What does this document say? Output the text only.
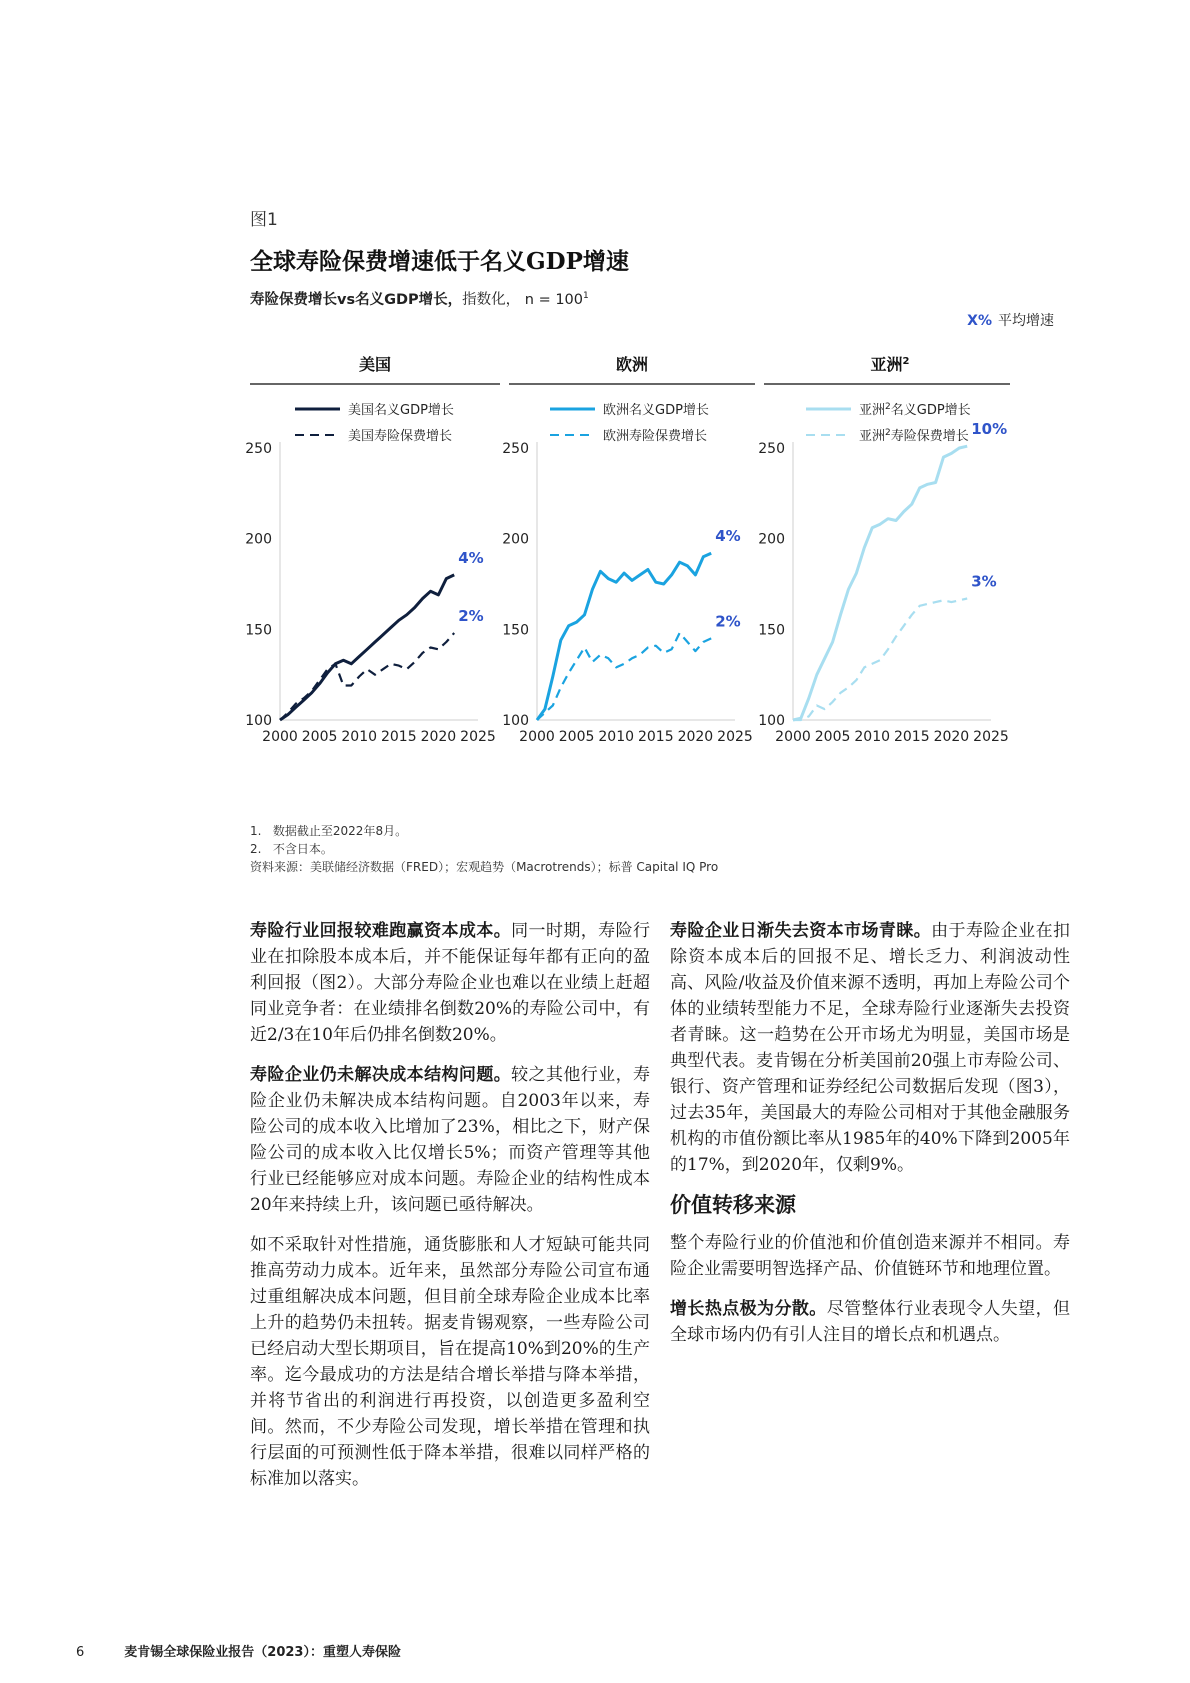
图1
全球寿险保费增速低于名义GDP增速
寿险保费增长vs名义GDP增长，指数化， $n = 100^1$
X% 平均增速
美国	欧洲	亚洲$^2$
美国名义GDP增长
美国寿险保费增长
欧洲名义GDP增长
欧洲寿险保费增长
亚洲$^2$名义GDP增长
亚洲$^2$寿险保费增长
100
150
200
250
2000 2005 2010 2015 2020 2025
4%
2%
100
150
200
250
2000 2005 2010 2015 2020 2025
4%
2%
100
150
200
250
2000 2005 2010 2015 2020 2025
10%
3%
1. 数据截止至2022年8月。
2. 不含日本。
资料来源：美联储经济数据（FRED）；宏观趋势（Macrotrends）；标普 Capital IQ Pro

寿险行业回报较难跑赢资本成本。同一时期，寿险行业在扣除股本成本后，并不能保证每年都有正向的盈利回报（图2）。大部分寿险企业也难以在业绩上赶超同业竞争者：在业绩排名倒数20%的寿险公司中，有近2/3在10年后仍排名倒数20%。

寿险企业仍未解决成本结构问题。较之其他行业，寿险企业仍未解决成本结构问题。自2003年以来，寿险公司的成本收入比增加了23%，相比之下，财产保险公司的成本收入比仅增长5%；而资产管理等其他行业已经能够应对成本问题。寿险企业的结构性成本20年来持续上升，该问题已亟待解决。

如不采取针对性措施，通货膨胀和人才短缺可能共同推高劳动力成本。近年来，虽然部分寿险公司宣布通过重组解决成本问题，但目前全球寿险企业成本比率上升的趋势仍未扭转。据麦肯锡观察，一些寿险公司已经启动大型长期项目，旨在提高10%到20%的生产率。迄今最成功的方法是结合增长举措与降本举措，并将节省出的利润进行再投资，以创造更多盈利空间。然而，不少寿险公司发现，增长举措在管理和执行层面的可预测性低于降本举措，很难以同样严格的标准加以落实。

寿险企业日渐失去资本市场青睐。由于寿险企业在扣除资本成本后的回报不足、增长乏力、利润波动性高、风险/收益及价值来源不透明，再加上寿险公司个体的业绩转型能力不足，全球寿险行业逐渐失去投资者青睐。这一趋势在公开市场尤为明显，美国市场是典型代表。麦肯锡在分析美国前20强上市寿险公司、银行、资产管理和证券经纪公司数据后发现（图3），过去35年，美国最大的寿险公司相对于其他金融服务机构的市值份额比率从1985年的40%下降到2005年的17%，到2020年，仅剩9%。

价值转移来源

整个寿险行业的价值池和价值创造来源并不相同。寿险企业需要明智选择产品、价值链环节和地理位置。

增长热点极为分散。尽管整体行业表现令人失望，但全球市场内仍有引人注目的增长点和机遇点。

6	麦肯锡全球保险业报告（2023）：重塑人寿保险
